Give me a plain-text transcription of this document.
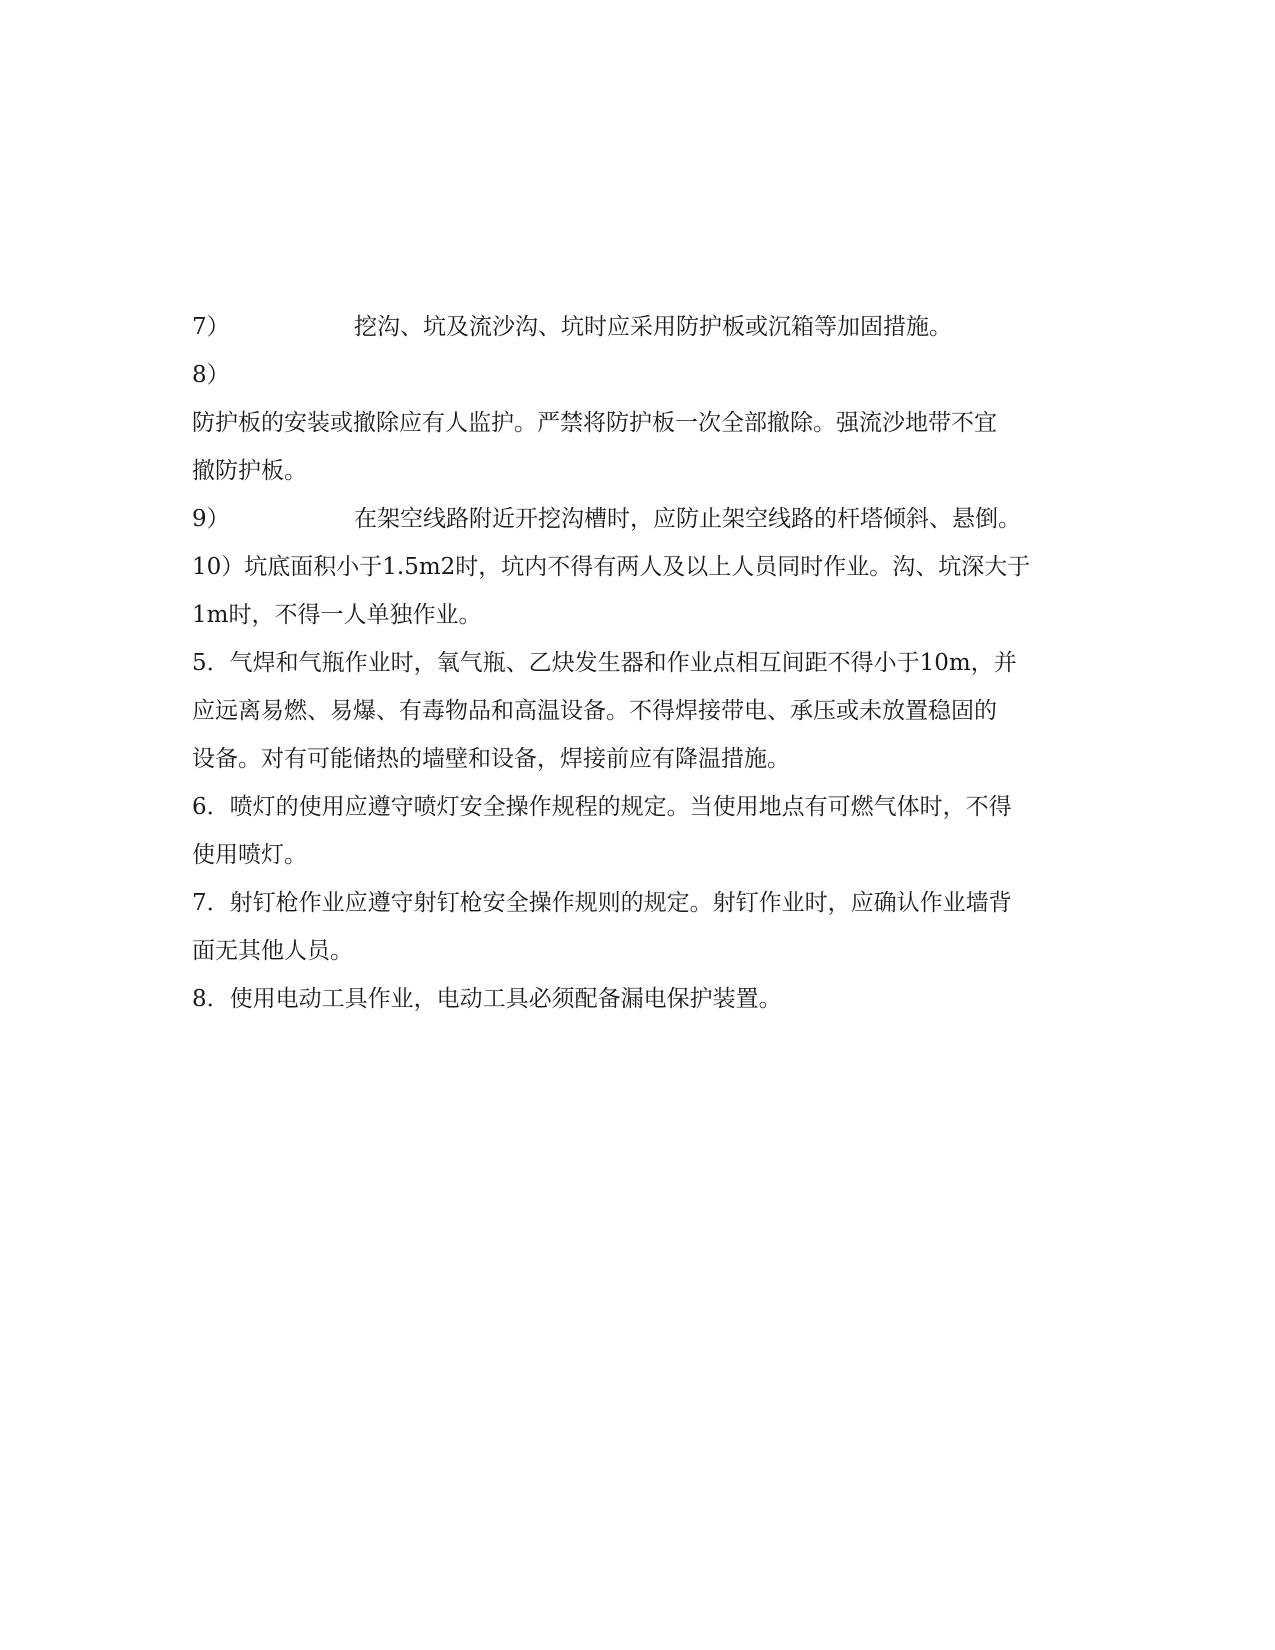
7）	挖沟、坑及流沙沟、坑时应采用防护板或沉箱等加固措施。
8）
防护板的安装或撤除应有人监护。严禁将防护板一次全部撤除。强流沙地带不宜
撤防护板。
9）	在架空线路附近开挖沟槽时，应防止架空线路的杆塔倾斜、悬倒。
10）坑底面积小于1.5m2时，坑内不得有两人及以上人员同时作业。沟、坑深大于
1m时，不得一人单独作业。
5．气焊和气瓶作业时，氧气瓶、乙炔发生器和作业点相互间距不得小于10m，并
应远离易燃、易爆、有毒物品和高温设备。不得焊接带电、承压或未放置稳固的
设备。对有可能储热的墙壁和设备，焊接前应有降温措施。
6．喷灯的使用应遵守喷灯安全操作规程的规定。当使用地点有可燃气体时，不得
使用喷灯。
7．射钉枪作业应遵守射钉枪安全操作规则的规定。射钉作业时，应确认作业墙背
面无其他人员。
8．使用电动工具作业，电动工具必须配备漏电保护装置。
